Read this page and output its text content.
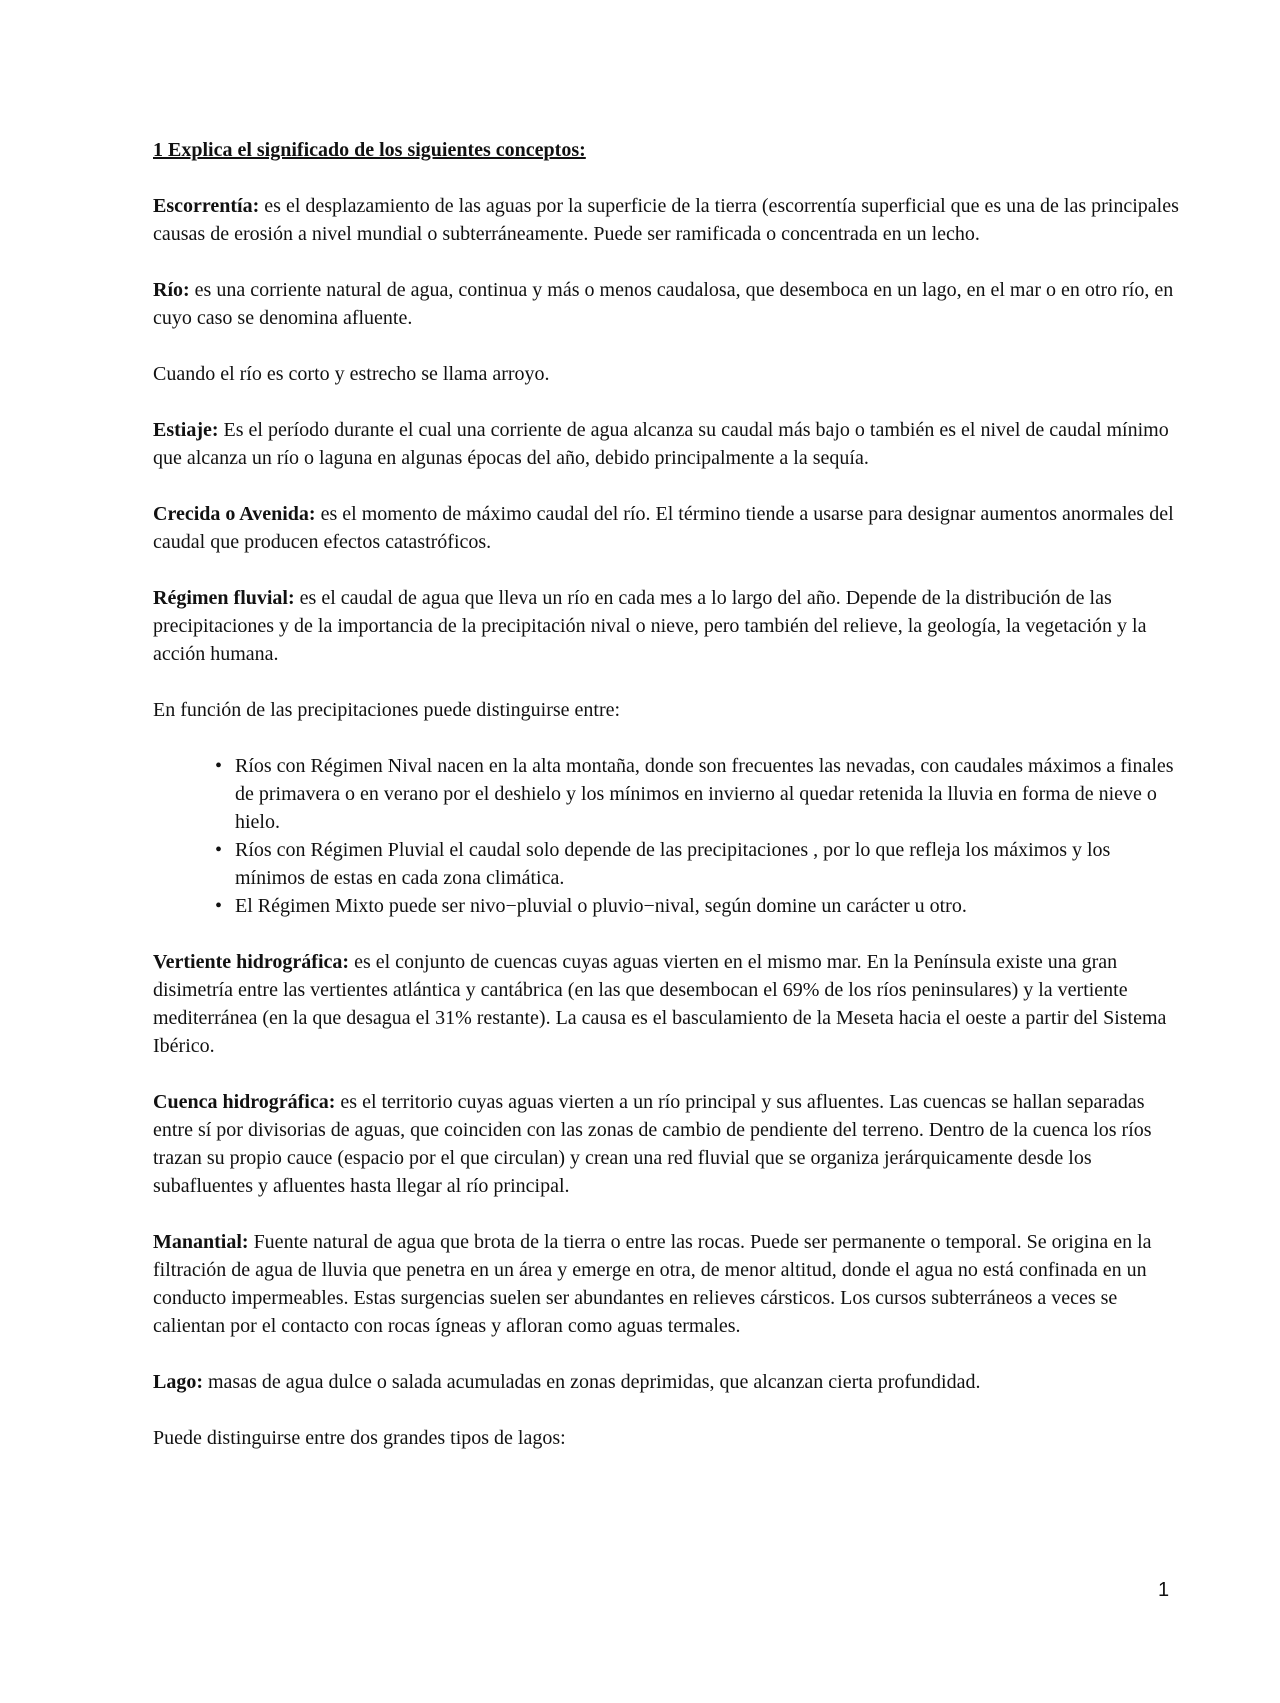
1 Explica el significado de los siguientes conceptos:

Escorrentía: es el desplazamiento de las aguas por la superficie de la tierra (escorrentía superficial que es una de las principales causas de erosión a nivel mundial o subterráneamente. Puede ser ramificada o concentrada en un lecho.

Río: es una corriente natural de agua, continua y más o menos caudalosa, que desemboca en un lago, en el mar o en otro río, en cuyo caso se denomina afluente.

Cuando el río es corto y estrecho se llama arroyo.

Estiaje: Es el período durante el cual una corriente de agua alcanza su caudal más bajo o también es el nivel de caudal mínimo que alcanza un río o laguna en algunas épocas del año, debido principalmente a la sequía.

Crecida o Avenida: es el momento de máximo caudal del río. El término tiende a usarse para designar aumentos anormales del caudal que producen efectos catastróficos.

Régimen fluvial: es el caudal de agua que lleva un río en cada mes a lo largo del año. Depende de la distribución de las precipitaciones y de la importancia de la precipitación nival o nieve, pero también del relieve, la geología, la vegetación y la acción humana.

En función de las precipitaciones puede distinguirse entre:

• Ríos con Régimen Nival nacen en la alta montaña, donde son frecuentes las nevadas, con caudales máximos a finales de primavera o en verano por el deshielo y los mínimos en invierno al quedar retenida la lluvia en forma de nieve o hielo.
• Ríos con Régimen Pluvial el caudal solo depende de las precipitaciones , por lo que refleja los máximos y los mínimos de estas en cada zona climática.
• El Régimen Mixto puede ser nivo−pluvial o pluvio−nival, según domine un carácter u otro.

Vertiente hidrográfica: es el conjunto de cuencas cuyas aguas vierten en el mismo mar. En la Península existe una gran disimetría entre las vertientes atlántica y cantábrica (en las que desembocan el 69% de los ríos peninsulares) y la vertiente mediterránea (en la que desagua el 31% restante). La causa es el basculamiento de la Meseta hacia el oeste a partir del Sistema Ibérico.

Cuenca hidrográfica: es el territorio cuyas aguas vierten a un río principal y sus afluentes. Las cuencas se hallan separadas entre sí por divisorias de aguas, que coinciden con las zonas de cambio de pendiente del terreno. Dentro de la cuenca los ríos trazan su propio cauce (espacio por el que circulan) y crean una red fluvial que se organiza jerárquicamente desde los subafluentes y afluentes hasta llegar al río principal.

Manantial: Fuente natural de agua que brota de la tierra o entre las rocas. Puede ser permanente o temporal. Se origina en la filtración de agua de lluvia que penetra en un área y emerge en otra, de menor altitud, donde el agua no está confinada en un conducto impermeables. Estas surgencias suelen ser abundantes en relieves cársticos. Los cursos subterráneos a veces se calientan por el contacto con rocas ígneas y afloran como aguas termales.

Lago: masas de agua dulce o salada acumuladas en zonas deprimidas, que alcanzan cierta profundidad.

Puede distinguirse entre dos grandes tipos de lagos:

1
